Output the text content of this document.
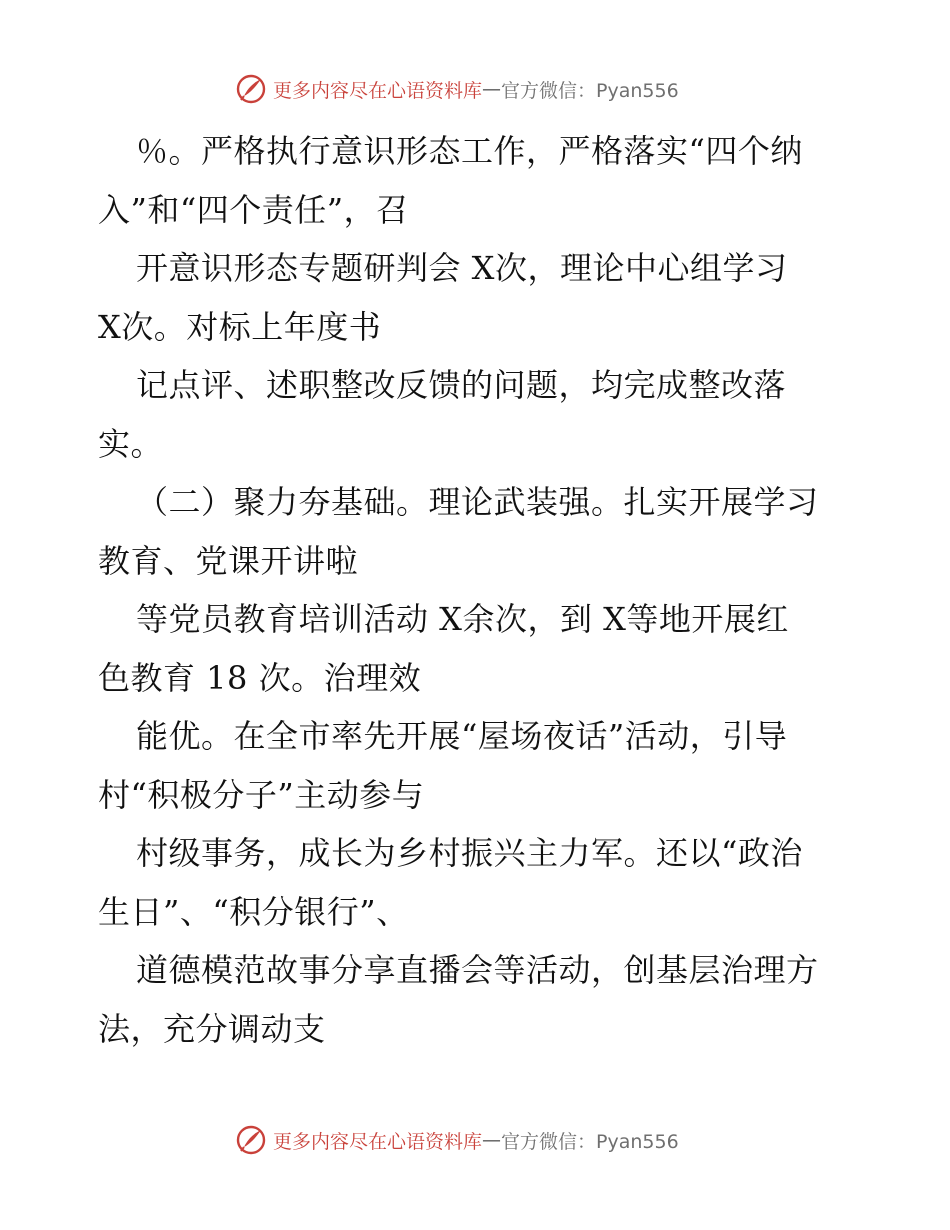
更多内容尽在心语资料库 — 官方微信：Pyan556
％。严格执行意识形态工作，严格落实“四个纳
入”和“四个责任”，召
开意识形态专题研判会 X次，理论中心组学习
X次。对标上年度书
记点评、述职整改反馈的问题，均完成整改落
实。
（二）聚力夯基础。理论武装强。扎实开展学习
教育、党课开讲啦
等党员教育培训活动 X余次，到 X等地开展红
色教育 18 次。治理效
能优。在全市率先开展“屋场夜话”活动，引导
村“积极分子”主动参与
村级事务，成长为乡村振兴主力军。还以“政治
生日”、“积分银行”、
道德模范故事分享直播会等活动，创基层治理方
法，充分调动支
更多内容尽在心语资料库 — 官方微信：Pyan556
